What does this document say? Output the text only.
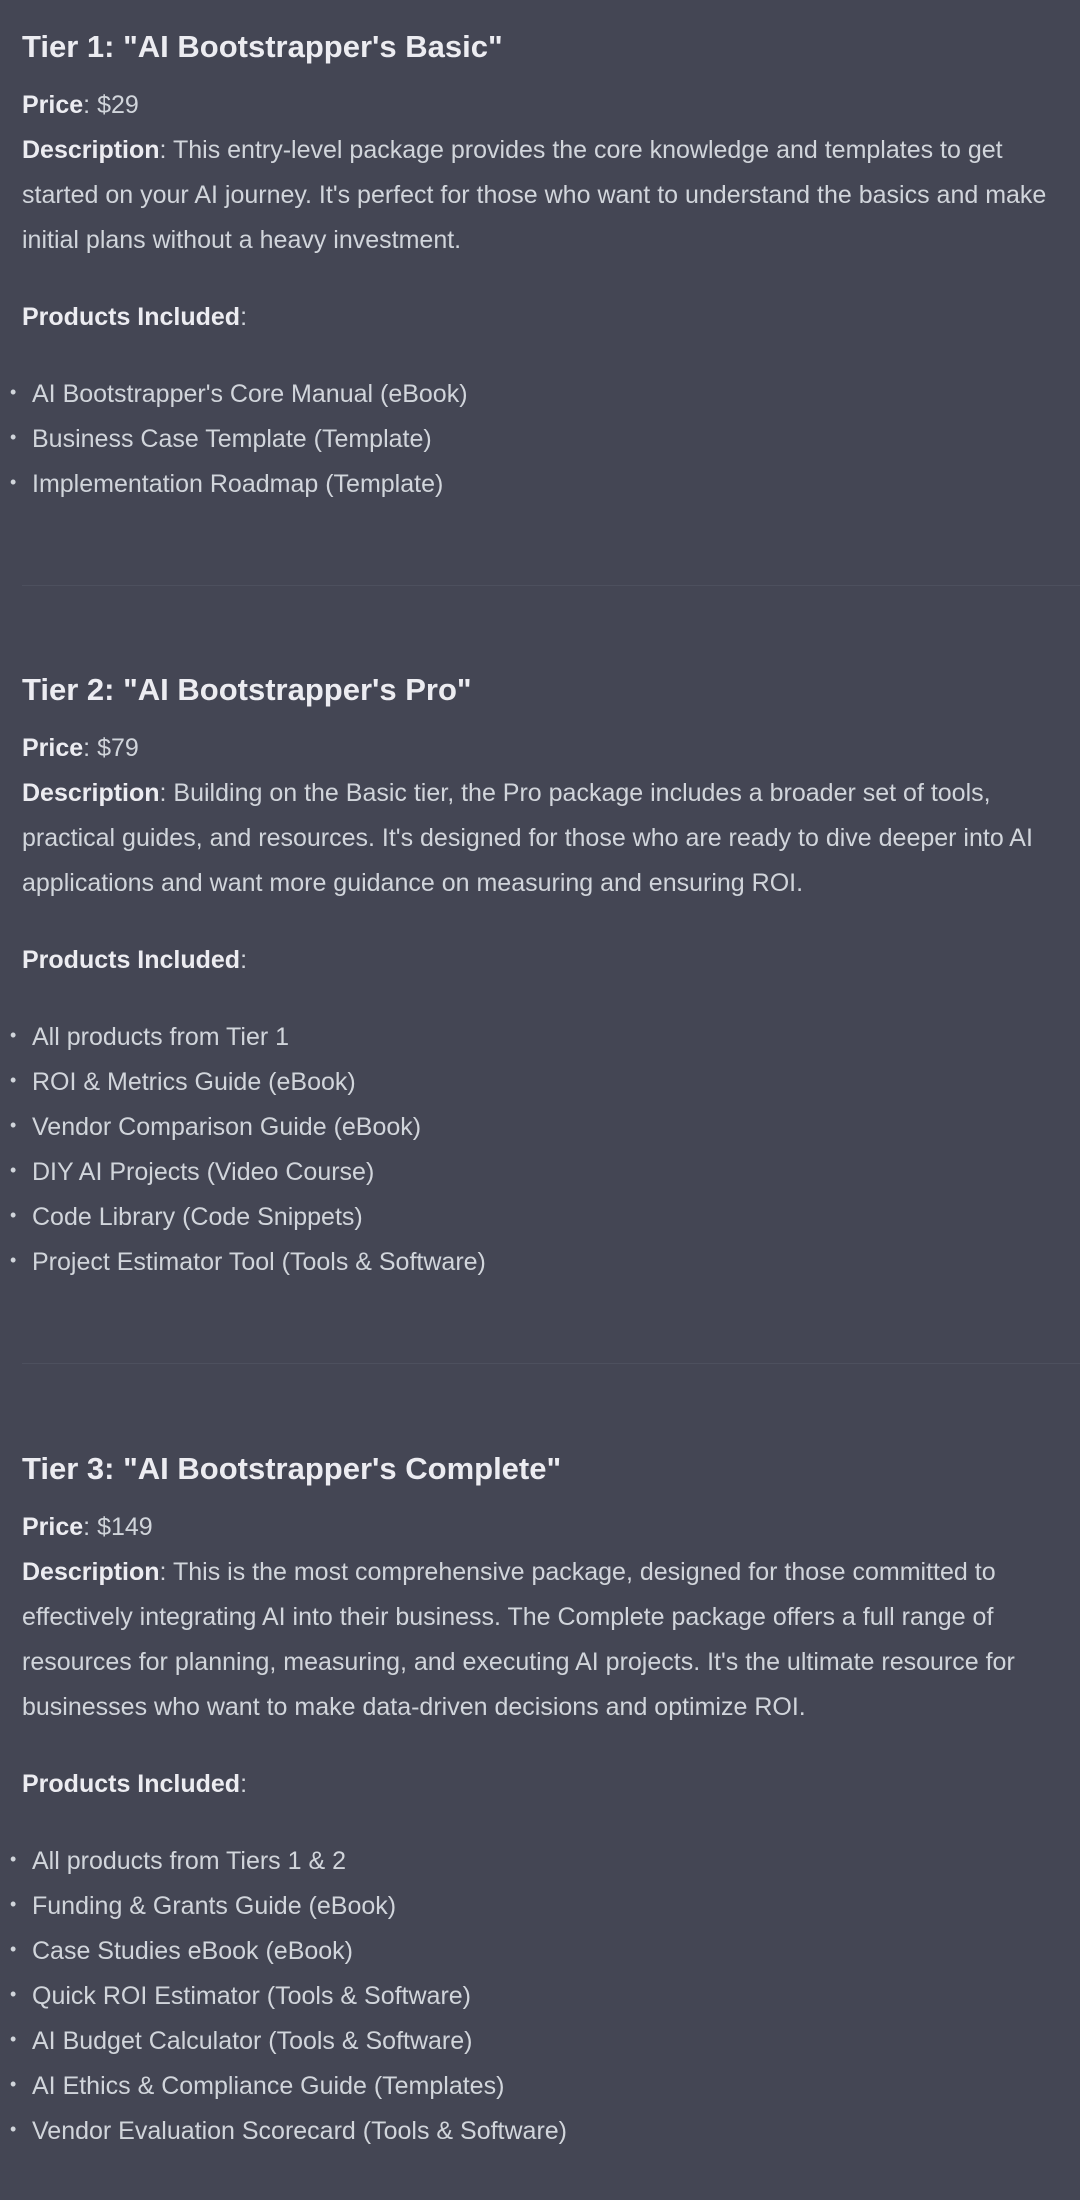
Tier 1: "AI Bootstrapper's Basic"

Price: $29

Description: This entry-level package provides the core knowledge and templates to get started on your AI journey. It's perfect for those who want to understand the basics and make initial plans without a heavy investment.

Products Included:

• AI Bootstrapper's Core Manual (eBook)
• Business Case Template (Template)
• Implementation Roadmap (Template)
Tier 2: "AI Bootstrapper's Pro"

Price: $79

Description: Building on the Basic tier, the Pro package includes a broader set of tools, practical guides, and resources. It's designed for those who are ready to dive deeper into AI applications and want more guidance on measuring and ensuring ROI.

Products Included:

• All products from Tier 1
• ROI & Metrics Guide (eBook)
• Vendor Comparison Guide (eBook)
• DIY AI Projects (Video Course)
• Code Library (Code Snippets)
• Project Estimator Tool (Tools & Software)
Tier 3: "AI Bootstrapper's Complete"

Price: $149

Description: This is the most comprehensive package, designed for those committed to effectively integrating AI into their business. The Complete package offers a full range of resources for planning, measuring, and executing AI projects. It's the ultimate resource for businesses who want to make data-driven decisions and optimize ROI.

Products Included:

• All products from Tiers 1 & 2
• Funding & Grants Guide (eBook)
• Case Studies eBook (eBook)
• Quick ROI Estimator (Tools & Software)
• AI Budget Calculator (Tools & Software)
• AI Ethics & Compliance Guide (Templates)
• Vendor Evaluation Scorecard (Tools & Software)
